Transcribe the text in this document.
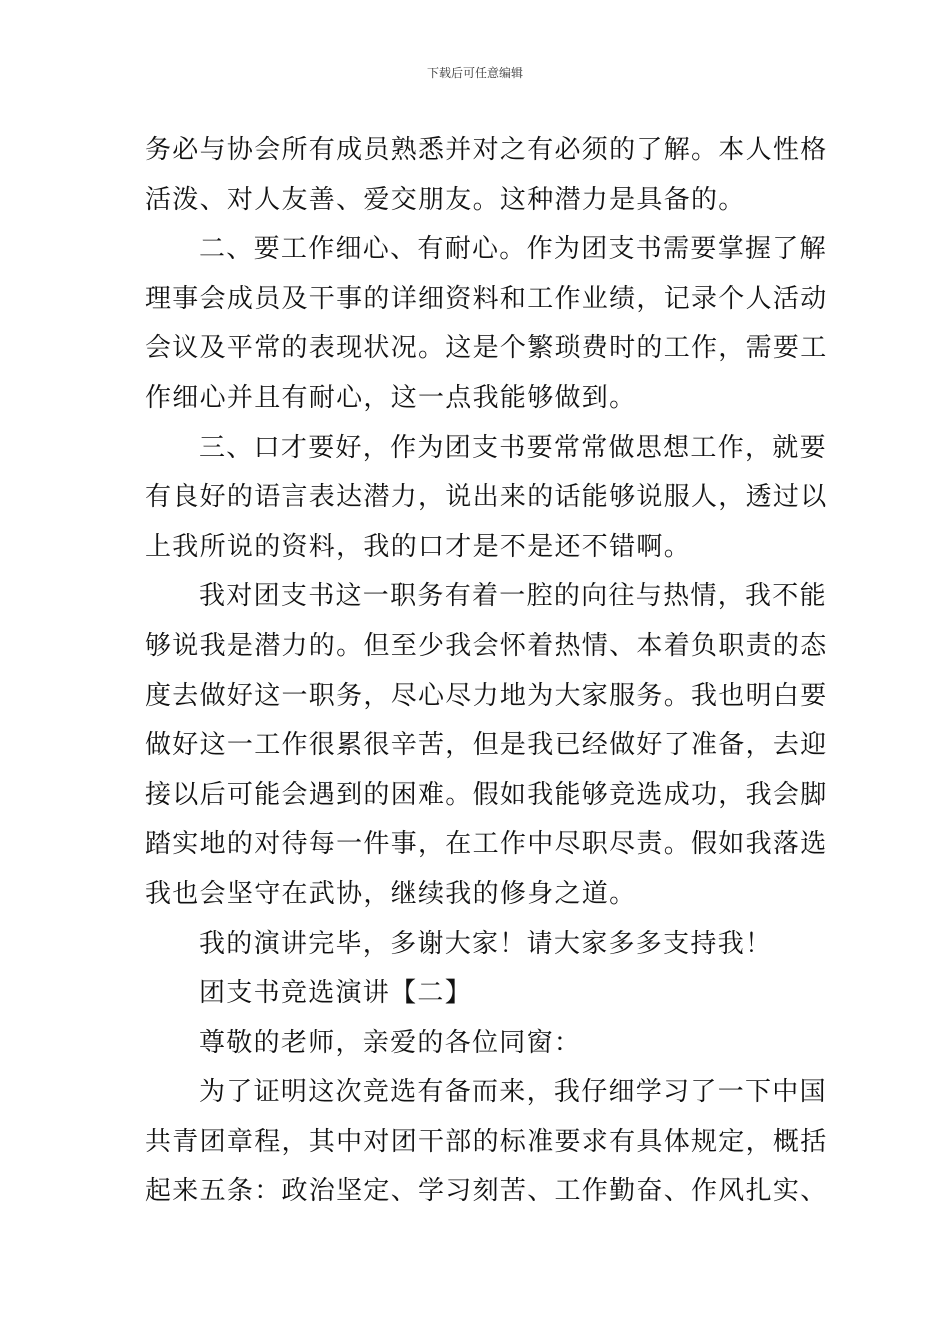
下载后可任意编辑
务必与协会所有成员熟悉并对之有必须的了解。本人性格
活泼、对人友善、爱交朋友。这种潜力是具备的。
二、要工作细心、有耐心。作为团支书需要掌握了解
理事会成员及干事的详细资料和工作业绩，记录个人活动
会议及平常的表现状况。这是个繁琐费时的工作，需要工
作细心并且有耐心，这一点我能够做到。
三、口才要好，作为团支书要常常做思想工作，就要
有良好的语言表达潜力，说出来的话能够说服人，透过以
上我所说的资料，我的口才是不是还不错啊。
我对团支书这一职务有着一腔的向往与热情，我不能
够说我是潜力的。但至少我会怀着热情、本着负职责的态
度去做好这一职务，尽心尽力地为大家服务。我也明白要
做好这一工作很累很辛苦，但是我已经做好了准备，去迎
接以后可能会遇到的困难。假如我能够竞选成功，我会脚
踏实地的对待每一件事，在工作中尽职尽责。假如我落选
我也会坚守在武协，继续我的修身之道。
我的演讲完毕，多谢大家！请大家多多支持我！
团支书竞选演讲【二】
尊敬的老师，亲爱的各位同窗：
为了证明这次竞选有备而来，我仔细学习了一下中国
共青团章程，其中对团干部的标准要求有具体规定，概括
起来五条：政治坚定、学习刻苦、工作勤奋、作风扎实、
